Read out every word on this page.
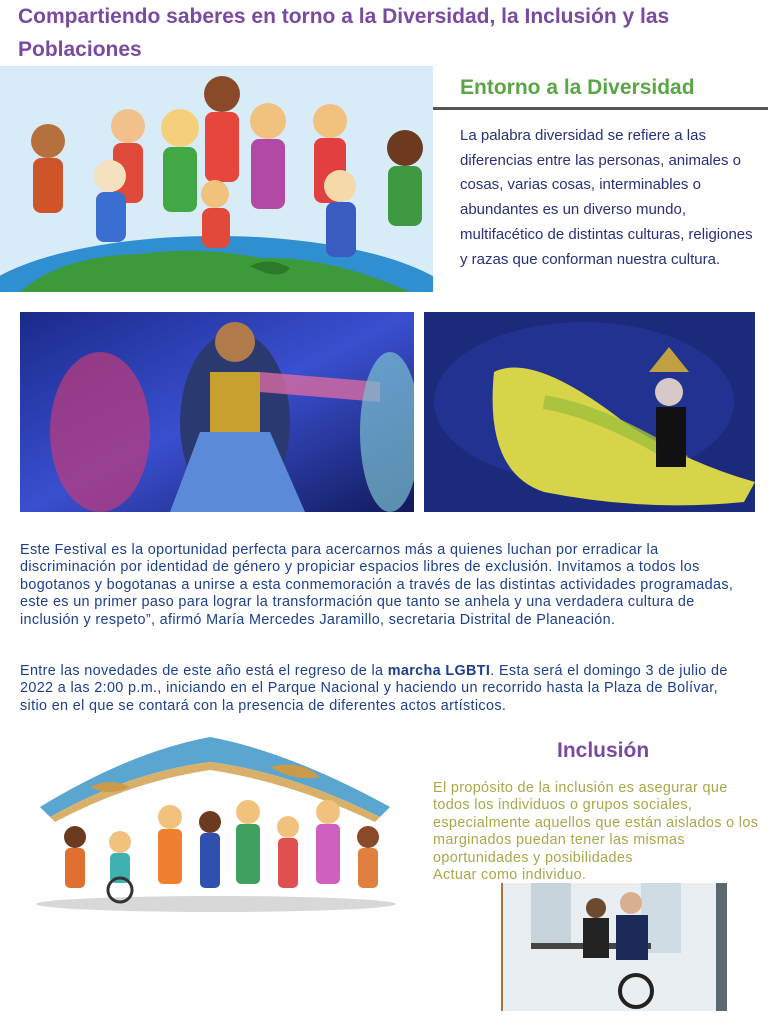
Compartiendo saberes en torno a la Diversidad, la Inclusión y las Poblaciones
Entorno a la Diversidad
La palabra diversidad se refiere a las diferencias entre las personas, animales o cosas, varias cosas, interminables o abundantes es un diverso mundo, multifacético de distintas culturas, religiones y razas que conforman nuestra cultura.
Este Festival es la oportunidad perfecta para acercarnos más a quienes luchan por erradicar la discriminación por identidad de género y propiciar espacios libres de exclusión. Invitamos a todos los bogotanos y bogotanas a unirse a esta conmemoración a través de las distintas actividades programadas, este es un primer paso para lograr la transformación que tanto se anhela y una verdadera cultura de inclusión y respeto”, afirmó María Mercedes Jaramillo, secretaria Distrital de Planeación.
Entre las novedades de este año está el regreso de la marcha LGBTI. Esta será el domingo 3 de julio de 2022 a las 2:00 p.m., iniciando en el Parque Nacional y haciendo un recorrido hasta la Plaza de Bolívar, sitio en el que se contará con la presencia de diferentes actos artísticos.
Inclusión
El propósito de la inclusión es asegurar que todos los individuos o grupos sociales, especialmente aquellos que están aislados o los marginados puedan tener las mismas oportunidades y posibilidades
Actuar como individuo.
